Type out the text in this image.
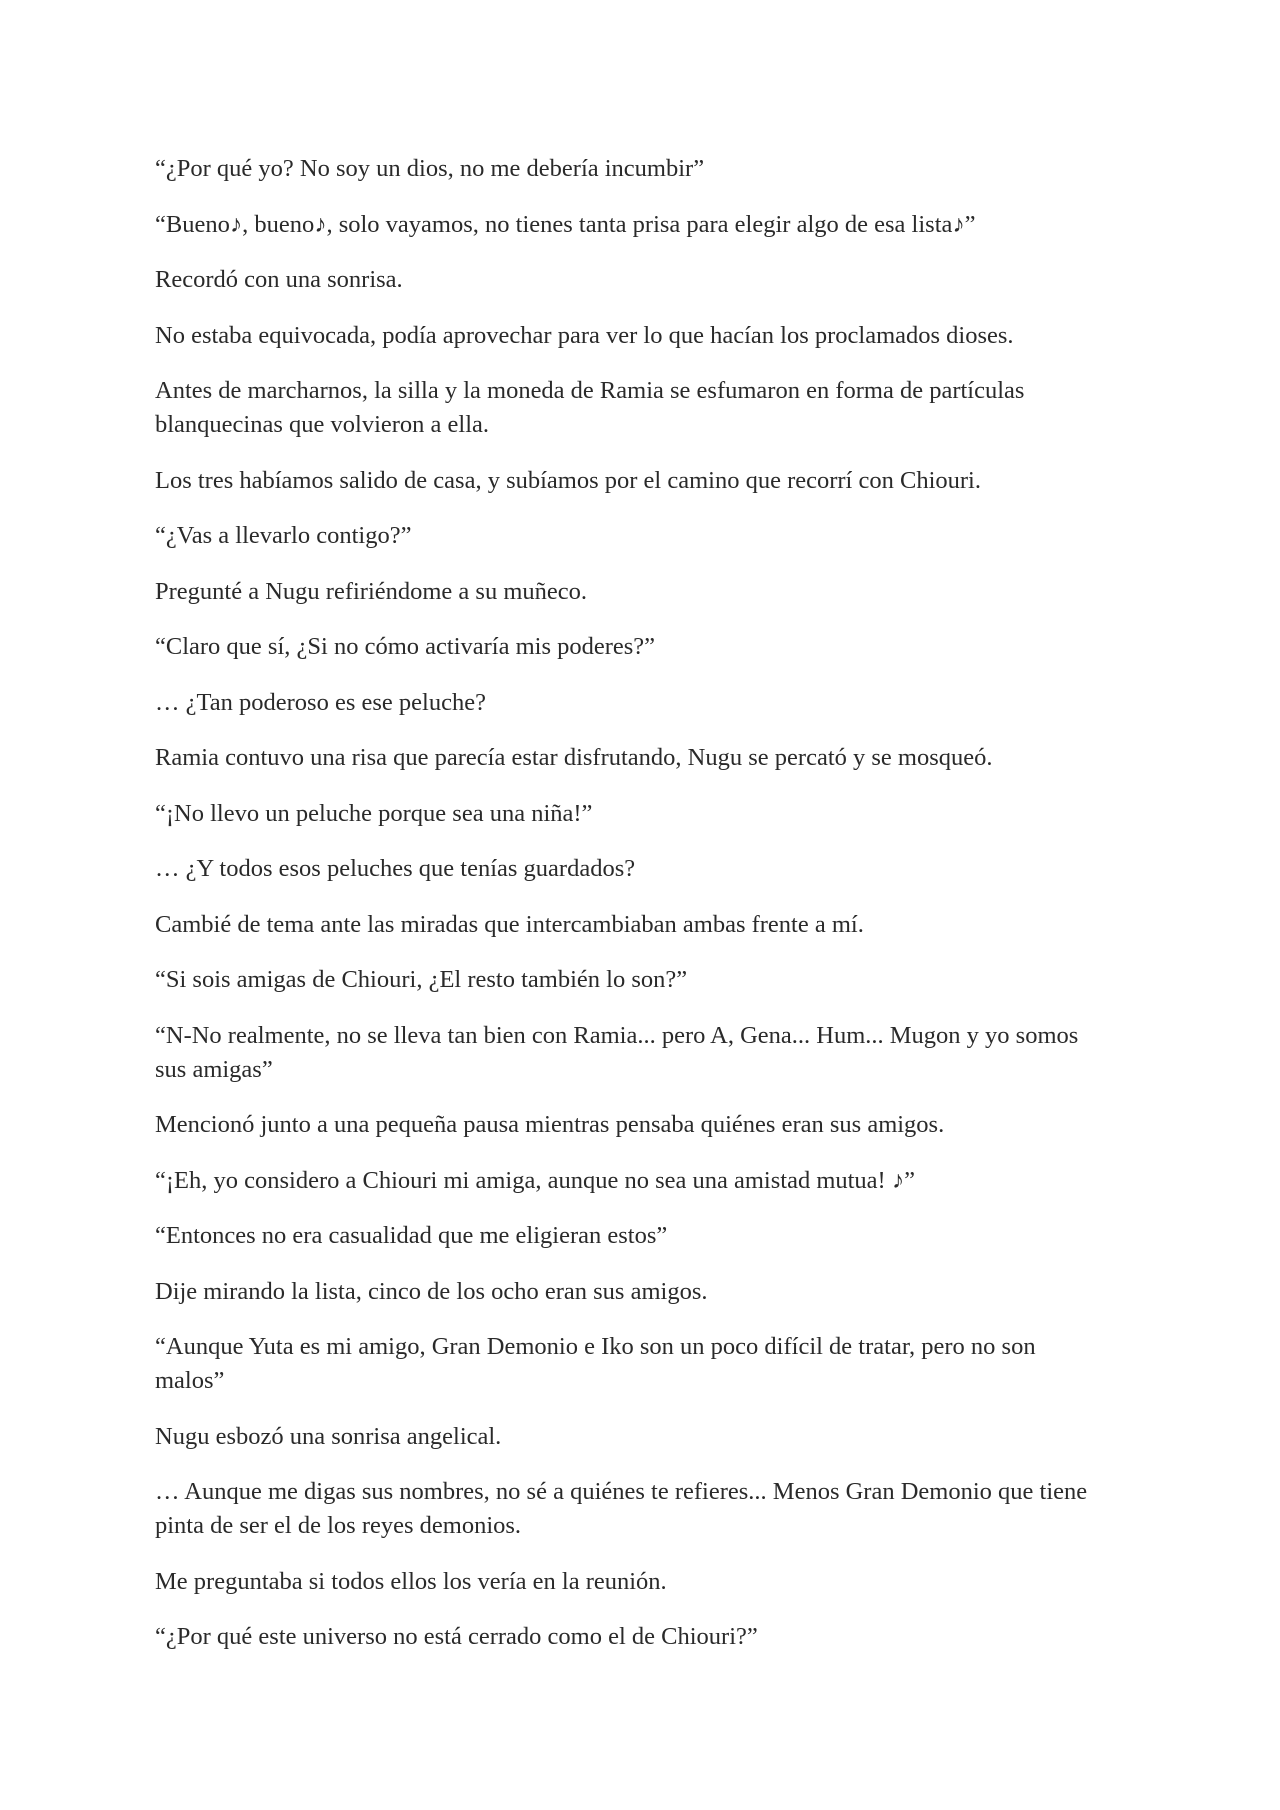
“¿Por qué yo? No soy un dios, no me debería incumbir”

“Bueno♪, bueno♪, solo vayamos, no tienes tanta prisa para elegir algo de esa lista♪”

Recordó con una sonrisa.

No estaba equivocada, podía aprovechar para ver lo que hacían los proclamados dioses.

Antes de marcharnos, la silla y la moneda de Ramia se esfumaron en forma de partículas blanquecinas que volvieron a ella.

Los tres habíamos salido de casa, y subíamos por el camino que recorrí con Chiouri.

“¿Vas a llevarlo contigo?”

Pregunté a Nugu refiriéndome a su muñeco.

“Claro que sí, ¿Si no cómo activaría mis poderes?”

… ¿Tan poderoso es ese peluche?

Ramia contuvo una risa que parecía estar disfrutando, Nugu se percató y se mosqueó.

“¡No llevo un peluche porque sea una niña!”

… ¿Y todos esos peluches que tenías guardados?

Cambié de tema ante las miradas que intercambiaban ambas frente a mí.

“Si sois amigas de Chiouri, ¿El resto también lo son?”

“N-No realmente, no se lleva tan bien con Ramia... pero A, Gena... Hum... Mugon y yo somos sus amigas”

Mencionó junto a una pequeña pausa mientras pensaba quiénes eran sus amigos.

“¡Eh, yo considero a Chiouri mi amiga, aunque no sea una amistad mutua! ♪”

“Entonces no era casualidad que me eligieran estos”

Dije mirando la lista, cinco de los ocho eran sus amigos.

“Aunque Yuta es mi amigo, Gran Demonio e Iko son un poco difícil de tratar, pero no son malos”

Nugu esbozó una sonrisa angelical.

… Aunque me digas sus nombres, no sé a quiénes te refieres... Menos Gran Demonio que tiene pinta de ser el de los reyes demonios.

Me preguntaba si todos ellos los vería en la reunión.

“¿Por qué este universo no está cerrado como el de Chiouri?”
